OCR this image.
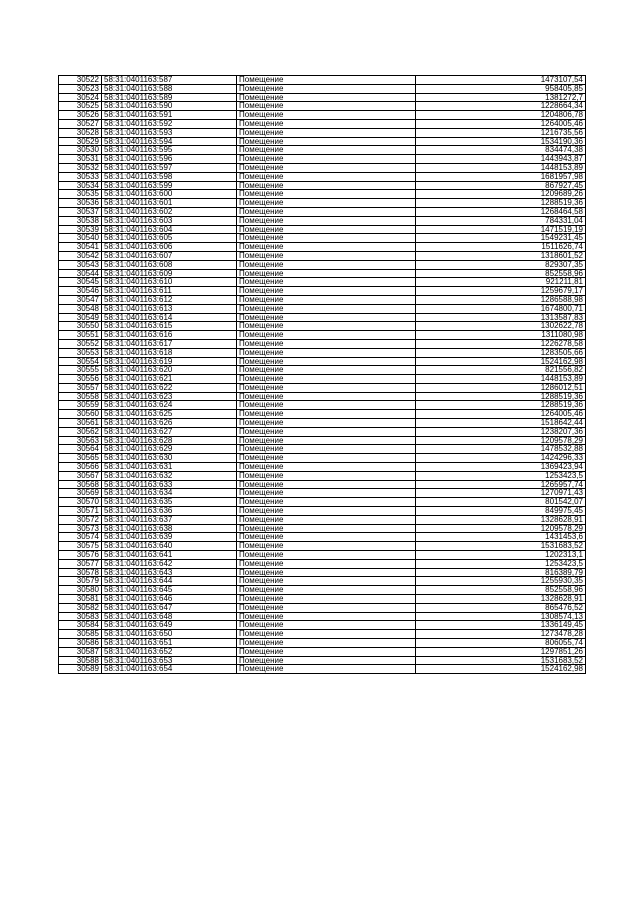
30522	58:31:0401163:587	Помещение	1473107,54
30523	58:31:0401163:588	Помещение	958405,85
30524	58:31:0401163:589	Помещение	1381272,7
30525	58:31:0401163:590	Помещение	1228664,34
30526	58:31:0401163:591	Помещение	1204806,78
30527	58:31:0401163:592	Помещение	1264005,46
30528	58:31:0401163:593	Помещение	1216735,56
30529	58:31:0401163:594	Помещение	1534190,36
30530	58:31:0401163:595	Помещение	834474,38
30531	58:31:0401163:596	Помещение	1443943,87
30532	58:31:0401163:597	Помещение	1448153,89
30533	58:31:0401163:598	Помещение	1681957,98
30534	58:31:0401163:599	Помещение	867927,45
30535	58:31:0401163:600	Помещение	1209689,26
30536	58:31:0401163:601	Помещение	1288519,36
30537	58:31:0401163:602	Помещение	1268464,58
30538	58:31:0401163:603	Помещение	784331,04
30539	58:31:0401163:604	Помещение	1471519,19
30540	58:31:0401163:605	Помещение	1549231,45
30541	58:31:0401163:606	Помещение	1511626,74
30542	58:31:0401163:607	Помещение	1318601,52
30543	58:31:0401163:608	Помещение	829307,35
30544	58:31:0401163:609	Помещение	852558,96
30545	58:31:0401163:610	Помещение	921211,81
30546	58:31:0401163:611	Помещение	1259679,17
30547	58:31:0401163:612	Помещение	1286588,98
30548	58:31:0401163:613	Помещение	1674800,71
30549	58:31:0401163:614	Помещение	1313587,83
30550	58:31:0401163:615	Помещение	1302622,78
30551	58:31:0401163:616	Помещение	1311080,98
30552	58:31:0401163:617	Помещение	1226278,58
30553	58:31:0401163:618	Помещение	1283505,66
30554	58:31:0401163:619	Помещение	1524162,98
30555	58:31:0401163:620	Помещение	821556,82
30556	58:31:0401163:621	Помещение	1448153,89
30557	58:31:0401163:622	Помещение	1286012,51
30558	58:31:0401163:623	Помещение	1288519,36
30559	58:31:0401163:624	Помещение	1288519,36
30560	58:31:0401163:625	Помещение	1264005,46
30561	58:31:0401163:626	Помещение	1518642,44
30562	58:31:0401163:627	Помещение	1238207,36
30563	58:31:0401163:628	Помещение	1209578,29
30564	58:31:0401163:629	Помещение	1478532,88
30565	58:31:0401163:630	Помещение	1424296,33
30566	58:31:0401163:631	Помещение	1369423,94
30567	58:31:0401163:632	Помещение	1253423,5
30568	58:31:0401163:633	Помещение	1265957,74
30569	58:31:0401163:634	Помещение	1270971,43
30570	58:31:0401163:635	Помещение	801542,07
30571	58:31:0401163:636	Помещение	849975,45
30572	58:31:0401163:637	Помещение	1328628,91
30573	58:31:0401163:638	Помещение	1209578,29
30574	58:31:0401163:639	Помещение	1431453,6
30575	58:31:0401163:640	Помещение	1531683,52
30576	58:31:0401163:641	Помещение	1202313,1
30577	58:31:0401163:642	Помещение	1253423,5
30578	58:31:0401163:643	Помещение	816389,79
30579	58:31:0401163:644	Помещение	1255930,35
30580	58:31:0401163:645	Помещение	852558,96
30581	58:31:0401163:646	Помещение	1328628,91
30582	58:31:0401163:647	Помещение	865476,52
30583	58:31:0401163:648	Помещение	1308574,13
30584	58:31:0401163:649	Помещение	1336149,45
30585	58:31:0401163:650	Помещение	1273478,28
30586	58:31:0401163:651	Помещение	806055,74
30587	58:31:0401163:652	Помещение	1297851,26
30588	58:31:0401163:653	Помещение	1531683,52
30589	58:31:0401163:654	Помещение	1524162,98
